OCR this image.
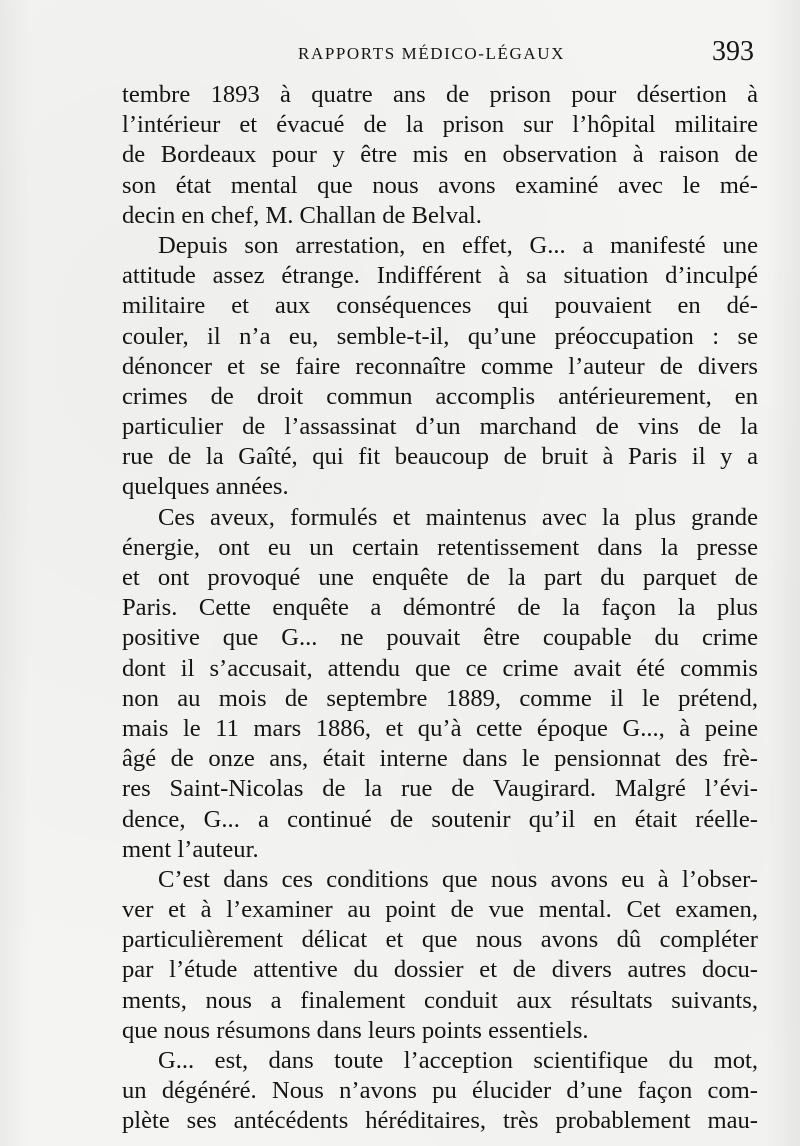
RAPPORTS MÉDICO-LÉGAUX	393
tembre 1893 à quatre ans de prison pour désertion à
l’intérieur et évacué de la prison sur l’hôpital militaire
de Bordeaux pour y être mis en observation à raison de
son état mental que nous avons examiné avec le mé-
decin en chef, M. Challan de Belval.
Depuis son arrestation, en effet, G... a manifesté une
attitude assez étrange. Indifférent à sa situation d’inculpé
militaire et aux conséquences qui pouvaient en dé-
couler, il n’a eu, semble-t-il, qu’une préoccupation : se
dénoncer et se faire reconnaître comme l’auteur de divers
crimes de droit commun accomplis antérieurement, en
particulier de l’assassinat d’un marchand de vins de la
rue de la Gaîté, qui fit beaucoup de bruit à Paris il y a
quelques années.
Ces aveux, formulés et maintenus avec la plus grande
énergie, ont eu un certain retentissement dans la presse
et ont provoqué une enquête de la part du parquet de
Paris. Cette enquête a démontré de la façon la plus
positive que G... ne pouvait être coupable du crime
dont il s’accusait, attendu que ce crime avait été commis
non au mois de septembre 1889, comme il le prétend,
mais le 11 mars 1886, et qu’à cette époque G..., à peine
âgé de onze ans, était interne dans le pensionnat des frè-
res Saint-Nicolas de la rue de Vaugirard. Malgré l’évi-
dence, G... a continué de soutenir qu’il en était réelle-
ment l’auteur.
C’est dans ces conditions que nous avons eu à l’obser-
ver et à l’examiner au point de vue mental. Cet examen,
particulièrement délicat et que nous avons dû compléter
par l’étude attentive du dossier et de divers autres docu-
ments, nous a finalement conduit aux résultats suivants,
que nous résumons dans leurs points essentiels.
G... est, dans toute l’acception scientifique du mot,
un dégénéré. Nous n’avons pu élucider d’une façon com-
plète ses antécédents héréditaires, très probablement mau-
